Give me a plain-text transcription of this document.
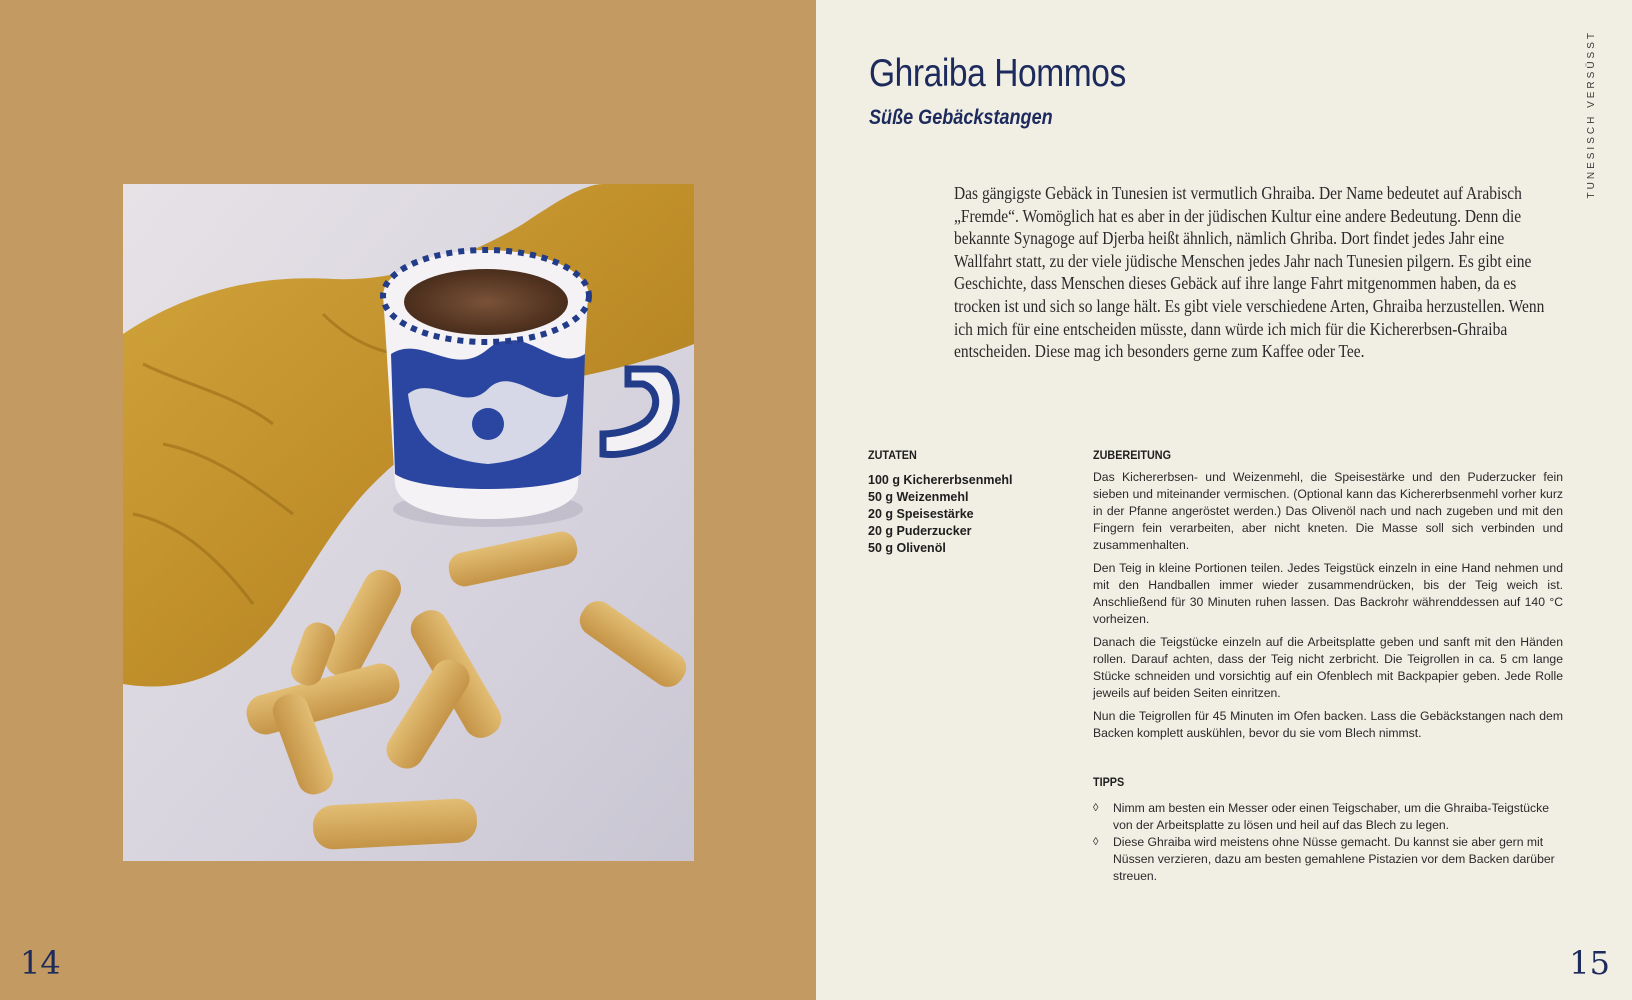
14
Ghraiba Hommos
Süße Gebäckstangen	TUNESISCH VERSÜSST

Das gängigste Gebäck in Tunesien ist vermutlich Ghraiba. Der Name bedeutet auf Arabisch „Fremde“. Womöglich hat es aber in der jüdischen Kultur eine andere Bedeutung. Denn die bekannte Synagoge auf Djerba heißt ähnlich, nämlich Ghriba. Dort findet jedes Jahr eine Wallfahrt statt, zu der viele jüdische Menschen jedes Jahr nach Tunesien pilgern. Es gibt eine Geschichte, dass Menschen dieses Gebäck auf ihre lange Fahrt mitgenommen haben, da es trocken ist und sich so lange hält. Es gibt viele verschiedene Arten, Ghraiba herzustellen. Wenn ich mich für eine entscheiden müsste, dann würde ich mich für die Kichererbsen-Ghraiba entscheiden. Diese mag ich besonders gerne zum Kaffee oder Tee.

ZUTATEN
100 g Kichererbsenmehl
50 g Weizenmehl
20 g Speisestärke
20 g Puderzucker
50 g Olivenöl
ZUBEREITUNG

Das Kichererbsen- und Weizenmehl, die Speisestärke und den Puderzucker fein sieben und miteinander vermischen. (Optional kann das Kichererbsenmehl vorher kurz in der Pfanne angeröstet werden.) Das Olivenöl nach und nach zugeben und mit den Fingern fein verarbeiten, aber nicht kneten. Die Masse soll sich verbinden und zusammenhalten.

Den Teig in kleine Portionen teilen. Jedes Teigstück einzeln in eine Hand nehmen und mit den Handballen immer wieder zusammendrücken, bis der Teig weich ist. Anschließend für 30 Minuten ruhen lassen. Das Backrohr währenddessen auf 140 °C vorheizen.

Danach die Teigstücke einzeln auf die Arbeitsplatte geben und sanft mit den Händen rollen. Darauf achten, dass der Teig nicht zerbricht. Die Teigrollen in ca. 5 cm lange Stücke schneiden und vorsichtig auf ein Ofenblech mit Backpapier geben. Jede Rolle jeweils auf beiden Seiten einritzen.

Nun die Teigrollen für 45 Minuten im Ofen backen. Lass die Gebäckstangen nach dem Backen komplett auskühlen, bevor du sie vom Blech nimmst.

TIPPS
◊ Nimm am besten ein Messer oder einen Teigschaber, um die Ghraiba-Teigstücke von der Arbeitsplatte zu lösen und heil auf das Blech zu legen.
◊ Diese Ghraiba wird meistens ohne Nüsse gemacht. Du kannst sie aber gern mit Nüssen verzieren, dazu am besten gemahlene Pistazien vor dem Backen darüber streuen.
15
